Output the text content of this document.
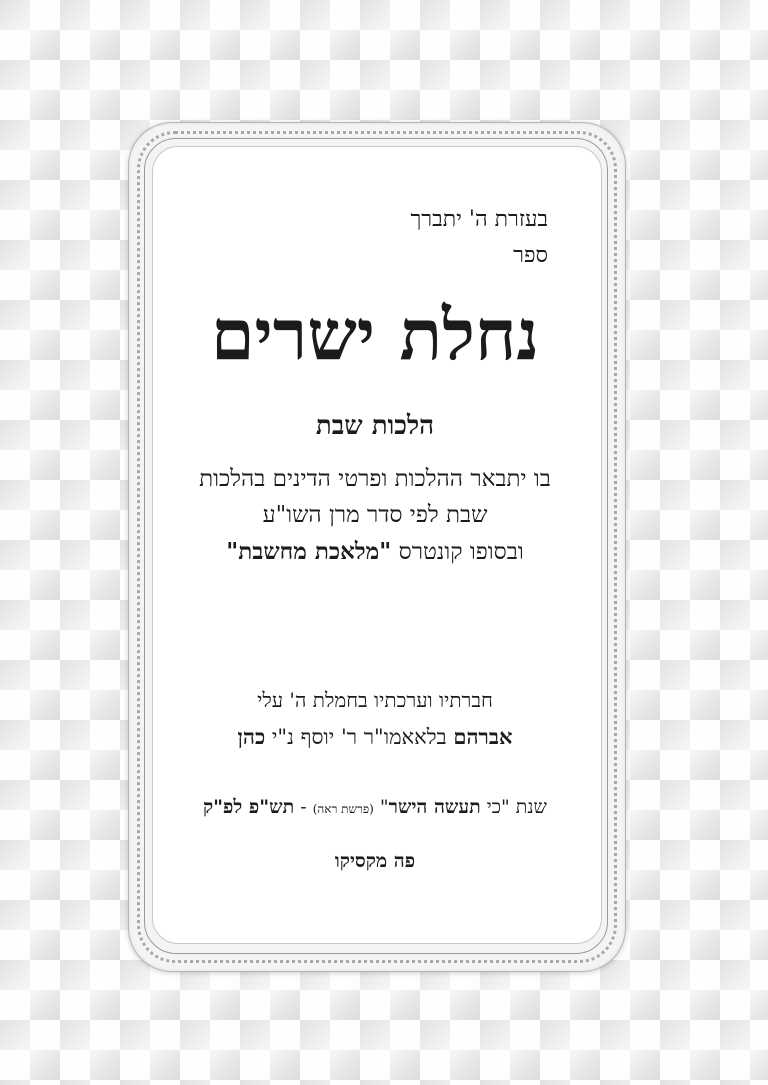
בעזרת ה' יתברך
ספר
נחלת ישרים
הלכות שבת
בו יתבאר ההלכות ופרטי הדינים בהלכות
שבת לפי סדר מרן השו"ע
ובסופו קונטרס "מלאכת מחשבת"
חברתיו וערכתיו בחמלת ה' עלי
אברהם בלאאמו"ר ר' יוסף נ"י כהן
שנת "כי תעשה הישר" (פרשת ראה) - תש"פ לפ"ק
פה מקסיקו
